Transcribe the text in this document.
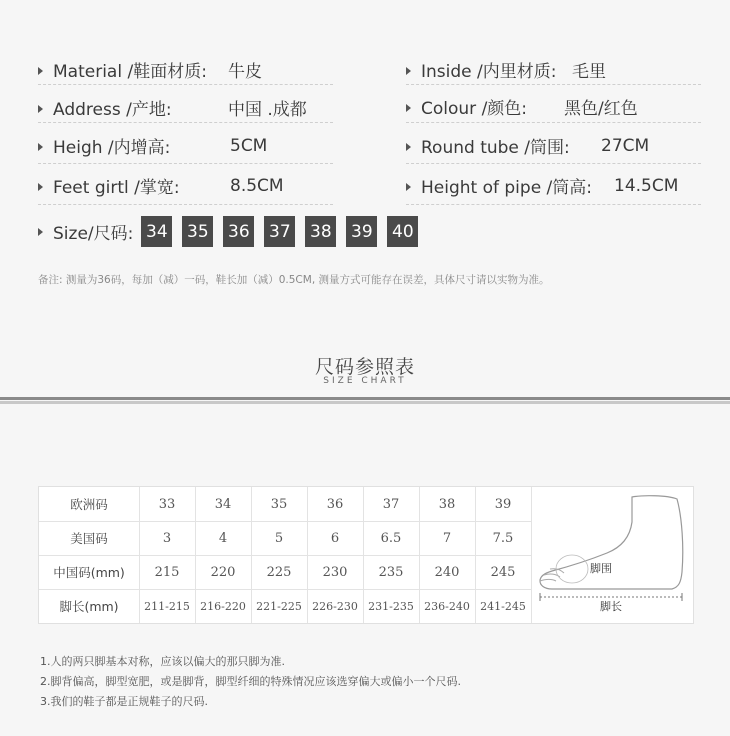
Material /鞋面材质: 牛皮
Address /产地:	中国 .成都
Heigh /内增高:	5CM
Feet girtl /掌宽:	8.5CM
Inside /内里材质: 毛里
Colour /颜色: 黑色/红色
Round tube /筒围: 27CM
Height of pipe /筒高: 14.5CM
Size/尺码: 34 35 36 37 38 39 40
备注: 测量为36码，每加（减）一码，鞋长加（减）0.5CM, 测量方式可能存在误差，具体尺寸请以实物为准。
尺码参照表
SIZE CHART
欧洲码	33	34	35	36	37	38	39
美国码	3	4	5	6	6.5	7	7.5
中国码(mm)	215	220	225	230	235	240	245
脚长(mm)	211-215 216-220 221-225 226-230 231-235 236-240 241-245
脚围
脚长
1.人的两只脚基本对称，应该以偏大的那只脚为准.
2.脚背偏高，脚型宽肥，或是脚背，脚型纤细的特殊情况应该选穿偏大或偏小一个尺码.
3.我们的鞋子都是正规鞋子的尺码.
